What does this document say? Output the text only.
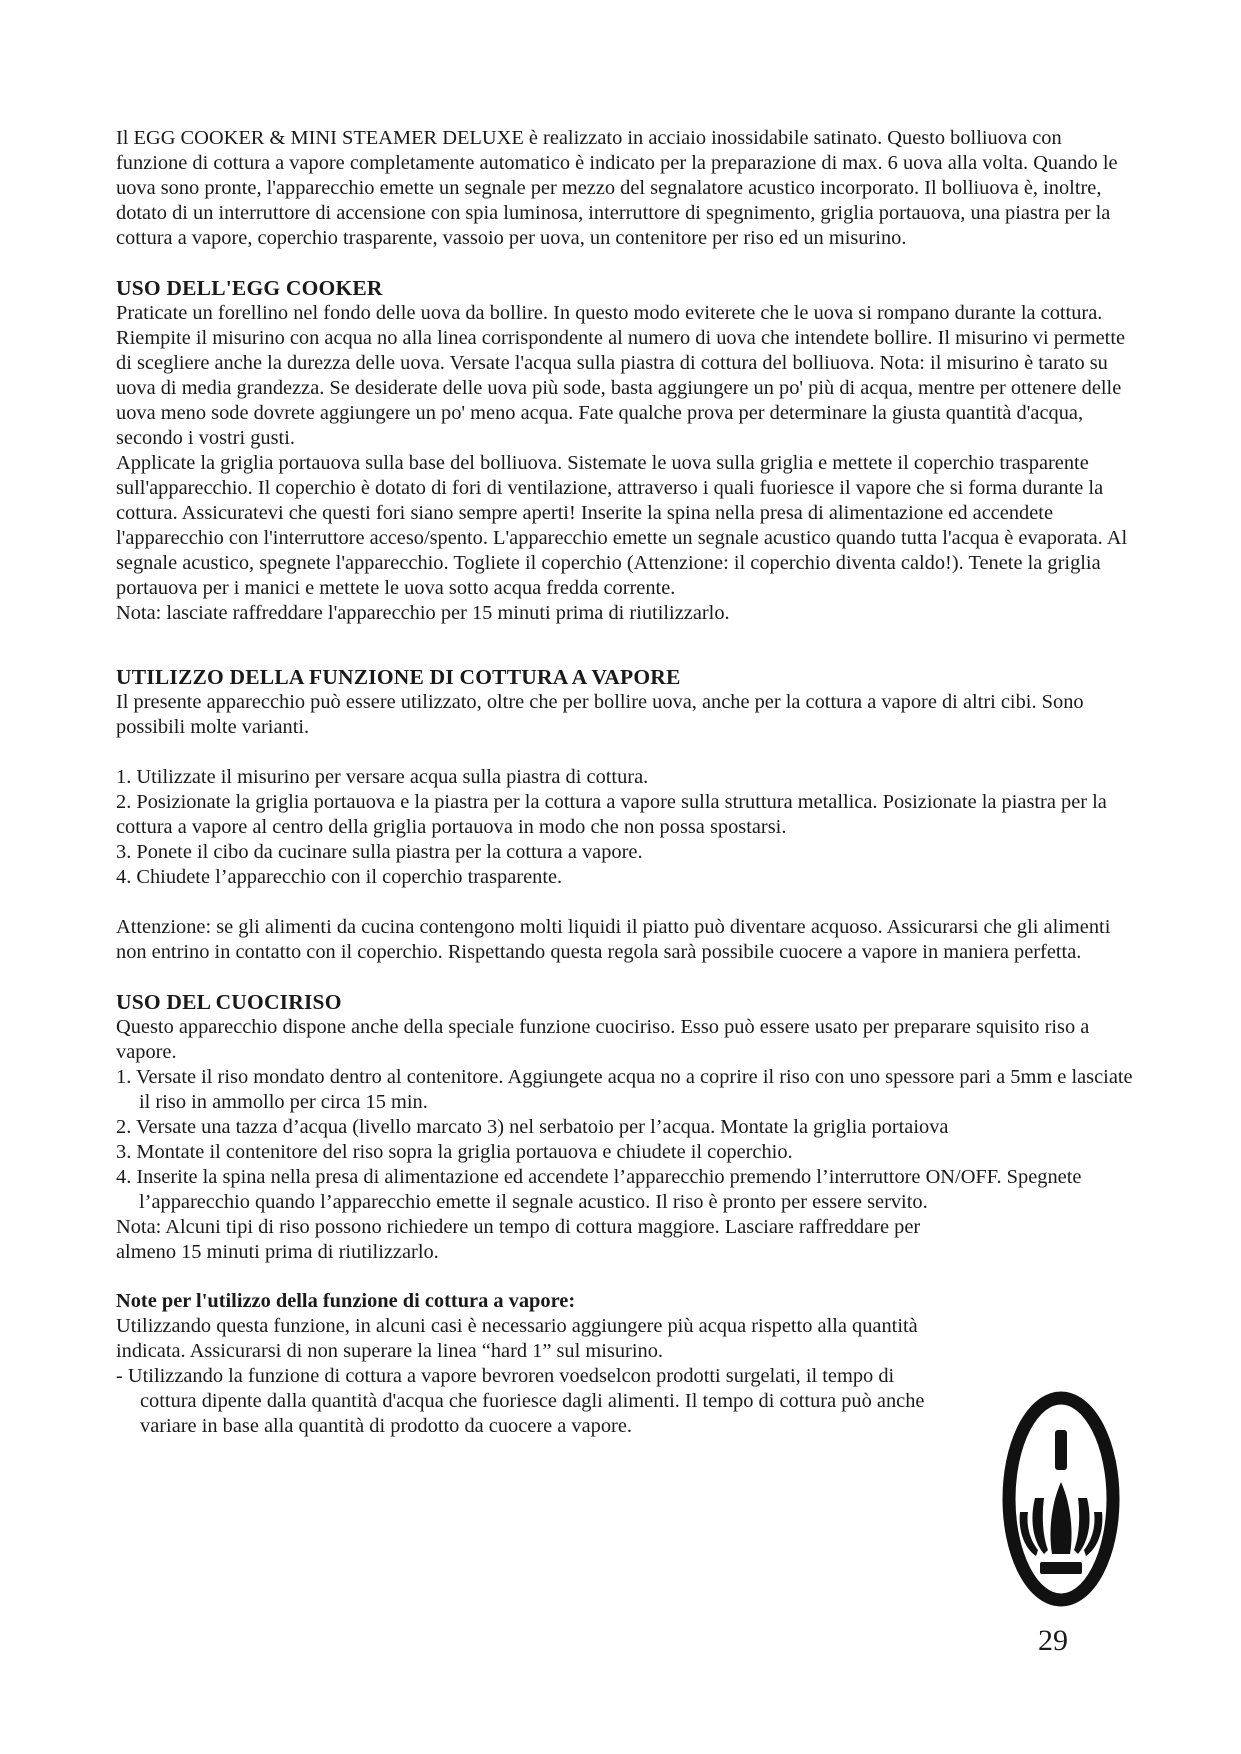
Il EGG COOKER & MINI STEAMER DELUXE è realizzato in acciaio inossidabile satinato. Questo bolliuova con funzione di cottura a vapore completamente automatico è indicato per la preparazione di max. 6 uova alla volta. Quando le uova sono pronte, l'apparecchio emette un segnale per mezzo del segnalatore acustico incorporato. Il bolliuova è, inoltre, dotato di un interruttore di accensione con spia luminosa, interruttore di spegnimento, griglia portauova, una piastra per la cottura a vapore, coperchio trasparente, vassoio per uova, un contenitore per riso ed un misurino.

USO DELL'EGG COOKER

Praticate un forellino nel fondo delle uova da bollire. In questo modo eviterete che le uova si rompano durante la cottura. Riempite il misurino con acqua no alla linea corrispondente al numero di uova che intendete bollire. Il misurino vi permette di scegliere anche la durezza delle uova. Versate l'acqua sulla piastra di cottura del bolliuova. Nota: il misurino è tarato su uova di media grandezza. Se desiderate delle uova più sode, basta aggiungere un po' più di acqua, mentre per ottenere delle uova meno sode dovrete aggiungere un po' meno acqua. Fate qualche prova per determinare la giusta quantità d'acqua, secondo i vostri gusti.

Applicate la griglia portauova sulla base del bolliuova. Sistemate le uova sulla griglia e mettete il coperchio trasparente sull'apparecchio. Il coperchio è dotato di fori di ventilazione, attraverso i quali fuoriesce il vapore che si forma durante la cottura. Assicuratevi che questi fori siano sempre aperti! Inserite la spina nella presa di alimentazione ed accendete l'apparecchio con l'interruttore acceso/spento. L'apparecchio emette un segnale acustico quando tutta l'acqua è evaporata. Al segnale acustico, spegnete l'apparecchio. Togliete il coperchio (Attenzione: il coperchio diventa caldo!). Tenete la griglia portauova per i manici e mettete le uova sotto acqua fredda corrente.

Nota: lasciate raffreddare l'apparecchio per 15 minuti prima di riutilizzarlo.

UTILIZZO DELLA FUNZIONE DI COTTURA A VAPORE

Il presente apparecchio può essere utilizzato, oltre che per bollire uova, anche per la cottura a vapore di altri cibi. Sono possibili molte varianti.

1. Utilizzate il misurino per versare acqua sulla piastra di cottura.

2. Posizionate la griglia portauova e la piastra per la cottura a vapore sulla struttura metallica. Posizionate la piastra per la cottura a vapore al centro della griglia portauova in modo che non possa spostarsi.

3. Ponete il cibo da cucinare sulla piastra per la cottura a vapore.

4. Chiudete l’apparecchio con il coperchio trasparente.

Attenzione: se gli alimenti da cucina contengono molti liquidi il piatto può diventare acquoso. Assicurarsi che gli alimenti non entrino in contatto con il coperchio. Rispettando questa regola sarà possibile cuocere a vapore in maniera perfetta.

USO DEL CUOCIRISO

Questo apparecchio dispone anche della speciale funzione cuociriso. Esso può essere usato per preparare squisito riso a vapore.

1. Versate il riso mondato dentro al contenitore. Aggiungete acqua no a coprire il riso con uno spessore pari a 5mm e lasciate il riso in ammollo per circa 15 min.

2. Versate una tazza d’acqua (livello marcato 3) nel serbatoio per l’acqua. Montate la griglia portaiova

3. Montate il contenitore del riso sopra la griglia portauova e chiudete il coperchio.

4. Inserite la spina nella presa di alimentazione ed accendete l’apparecchio premendo l’interruttore ON/OFF. Spegnete l’apparecchio quando l’apparecchio emette il segnale acustico. Il riso è pronto per essere servito.

Nota: Alcuni tipi di riso possono richiedere un tempo di cottura maggiore. Lasciare raffreddare per almeno 15 minuti prima di riutilizzarlo.

Note per l'utilizzo della funzione di cottura a vapore:

Utilizzando questa funzione, in alcuni casi è necessario aggiungere più acqua rispetto alla quantità indicata. Assicurarsi di non superare la linea “hard 1” sul misurino.

- Utilizzando la funzione di cottura a vapore bevroren voedselcon prodotti surgelati, il tempo di cottura dipente dalla quantità d'acqua che fuoriesce dagli alimenti. Il tempo di cottura può anche variare in base alla quantità di prodotto da cuocere a vapore.

29
